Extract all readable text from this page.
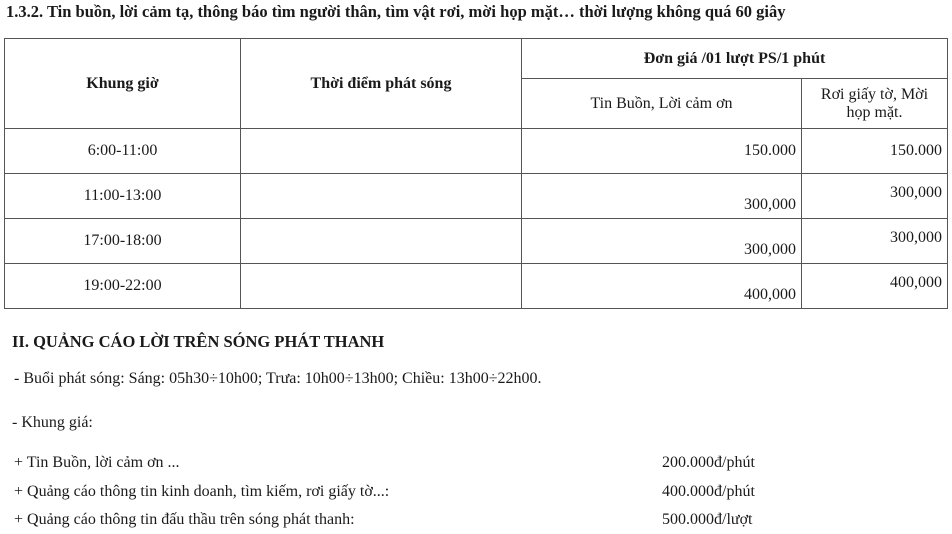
1.3.2. Tin buồn, lời cảm tạ, thông báo tìm người thân, tìm vật rơi, mời họp mặt… thời lượng không quá 60 giây
Khung giờ	Thời điểm phát sóng	Đơn giá /01 lượt PS/1 phút	
		Tin Buồn, Lời cảm ơn	Rơi giấy tờ, Mời
họp mặt.
6:00-11:00		150.000	150.000
11:00-13:00		300,000	300,000
17:00-18:00		300,000	300,000
19:00-22:00		400,000	400,000
II. QUẢNG CÁO LỜI TRÊN SÓNG PHÁT THANH
- Buổi phát sóng: Sáng: 05h30÷10h00; Trưa: 10h00÷13h00; Chiều: 13h00÷22h00.
- Khung giá:
+ Tin Buồn, lời cảm ơn ...	200.000đ/phút
+ Quảng cáo thông tin kinh doanh, tìm kiếm, rơi giấy tờ...:	400.000đ/phút
+ Quảng cáo thông tin đấu thầu trên sóng phát thanh:	500.000đ/lượt
